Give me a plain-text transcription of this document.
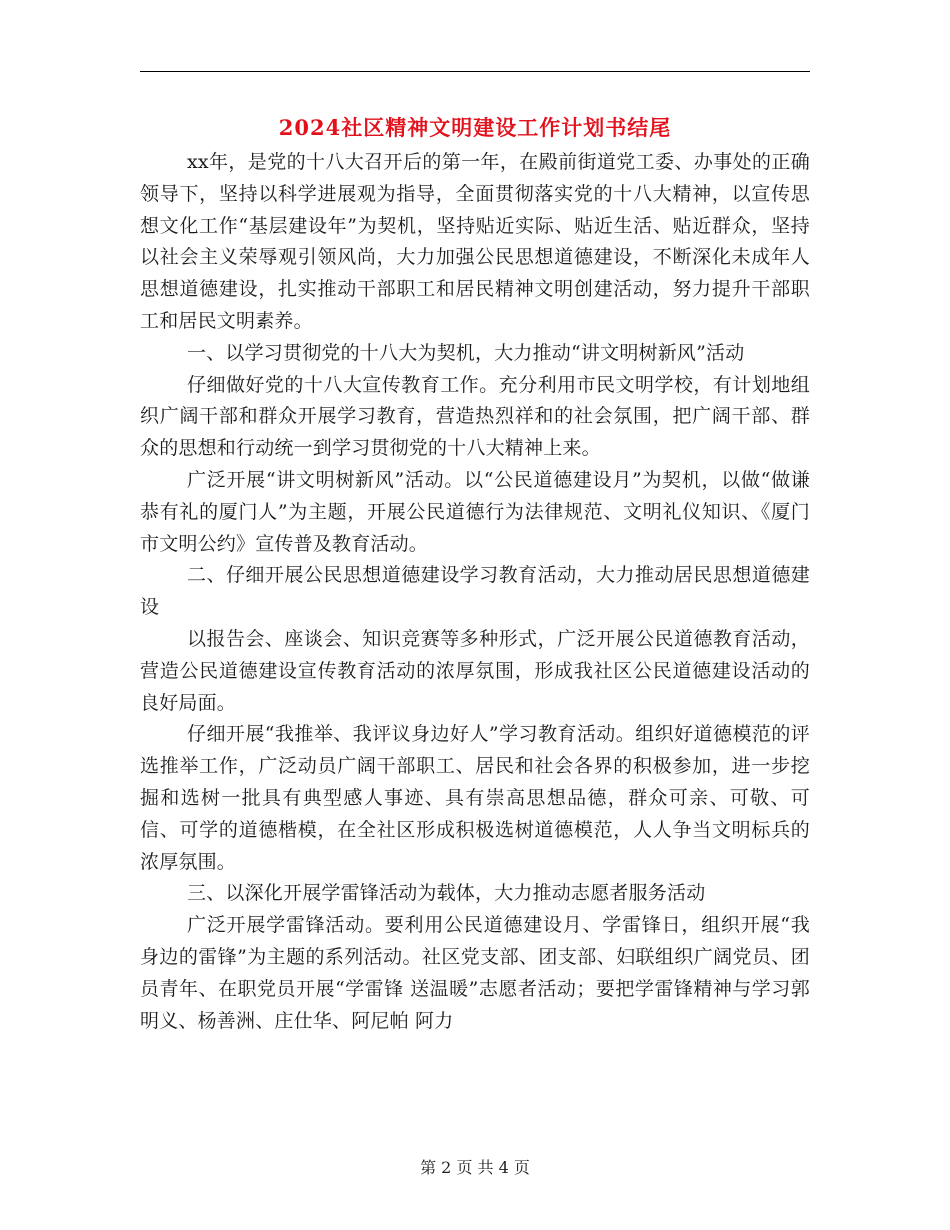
2024社区精神文明建设工作计划书结尾

xx年，是党的十八大召开后的第一年，在殿前街道党工委、办事处的正确领导下，坚持以科学进展观为指导，全面贯彻落实党的十八大精神，以宣传思想文化工作“基层建设年”为契机，坚持贴近实际、贴近生活、贴近群众，坚持以社会主义荣辱观引领风尚，大力加强公民思想道德建设，不断深化未成年人思想道德建设，扎实推动干部职工和居民精神文明创建活动，努力提升干部职工和居民文明素养。

一、以学习贯彻党的十八大为契机，大力推动“讲文明树新风”活动

仔细做好党的十八大宣传教育工作。充分利用市民文明学校，有计划地组织广阔干部和群众开展学习教育，营造热烈祥和的社会氛围，把广阔干部、群众的思想和行动统一到学习贯彻党的十八大精神上来。

广泛开展“讲文明树新风”活动。以“公民道德建设月”为契机，以做“做谦恭有礼的厦门人”为主题，开展公民道德行为法律规范、文明礼仪知识、《厦门市文明公约》宣传普及教育活动。

二、仔细开展公民思想道德建设学习教育活动，大力推动居民思想道德建设

以报告会、座谈会、知识竞赛等多种形式，广泛开展公民道德教育活动，营造公民道德建设宣传教育活动的浓厚氛围，形成我社区公民道德建设活动的良好局面。

仔细开展“我推举、我评议身边好人”学习教育活动。组织好道德模范的评选推举工作，广泛动员广阔干部职工、居民和社会各界的积极参加，进一步挖掘和选树一批具有典型感人事迹、具有崇高思想品德，群众可亲、可敬、可信、可学的道德楷模，在全社区形成积极选树道德模范，人人争当文明标兵的浓厚氛围。

三、以深化开展学雷锋活动为载体，大力推动志愿者服务活动

广泛开展学雷锋活动。要利用公民道德建设月、学雷锋日，组织开展“我身边的雷锋”为主题的系列活动。社区党支部、团支部、妇联组织广阔党员、团员青年、在职党员开展“学雷锋 送温暖”志愿者活动；要把学雷锋精神与学习郭明义、杨善洲、庄仕华、阿尼帕 阿力

第 2 页 共 4 页
